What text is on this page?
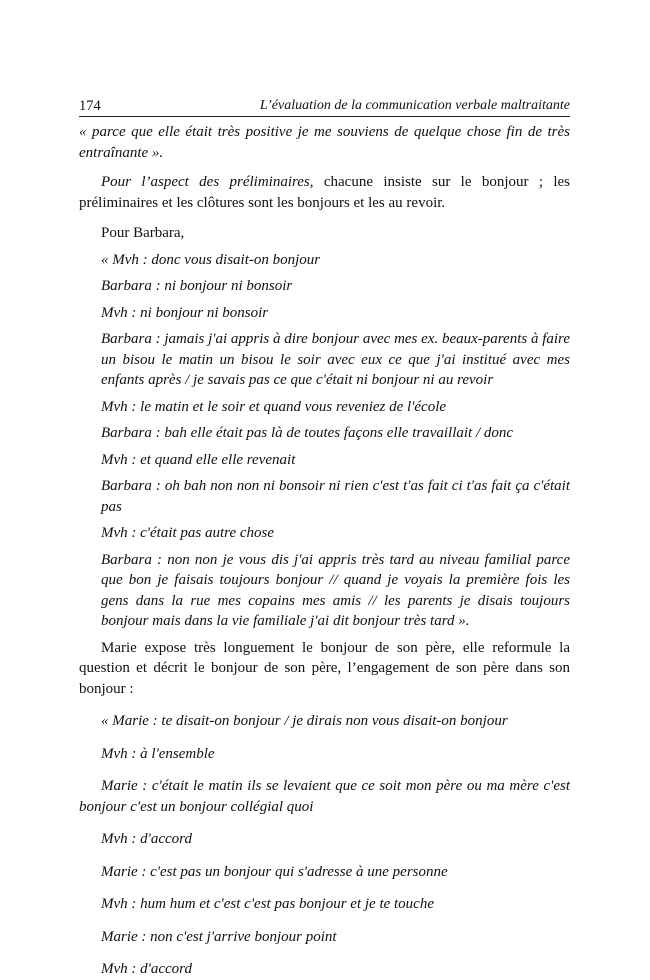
174	L’évaluation de la communication verbale maltraitante

« parce que elle était très positive je me souviens de quelque chose fin de très entraînante ».

Pour l’aspect des préliminaires, chacune insiste sur le bonjour ; les préliminaires et les clôtures sont les bonjours et les au revoir.

Pour Barbara,

« Mvh : donc vous disait-on bonjour

Barbara : ni bonjour ni bonsoir

Mvh : ni bonjour ni bonsoir

Barbara : jamais j'ai appris à dire bonjour avec mes ex. beaux-parents à faire un bisou le matin un bisou le soir avec eux ce que j'ai institué avec mes enfants après / je savais pas ce que c'était ni bonjour ni au revoir

Mvh : le matin et le soir et quand vous reveniez de l'école

Barbara : bah elle était pas là de toutes façons elle travaillait / donc

Mvh : et quand elle elle revenait

Barbara : oh bah non non ni bonsoir ni rien c'est t'as fait ci t'as fait ça c'était pas

Mvh : c'était pas autre chose

Barbara : non non je vous dis j'ai appris très tard au niveau familial parce que bon je faisais toujours bonjour // quand je voyais la première fois les gens dans la rue mes copains mes amis // les parents je disais toujours bonjour mais dans la vie familiale j'ai dit bonjour très tard ».

Marie expose très longuement le bonjour de son père, elle reformule la question et décrit le bonjour de son père, l’engagement de son père dans son bonjour :

« Marie : te disait-on bonjour / je dirais non vous disait-on bonjour

Mvh : à l'ensemble

Marie : c'était le matin ils se levaient que ce soit mon père ou ma mère c'est bonjour c'est un bonjour collégial quoi

Mvh : d'accord

Marie : c'est pas un bonjour qui s'adresse à une personne

Mvh : hum hum et c'est c'est pas bonjour et je te touche

Marie : non c'est j'arrive bonjour point

Mvh : d'accord
